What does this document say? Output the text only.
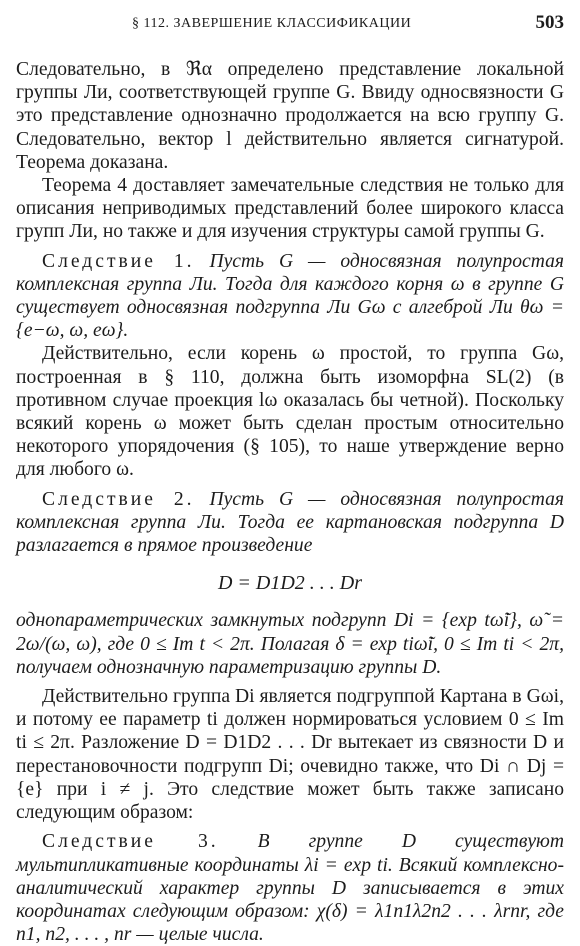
§ 112. ЗАВЕРШЕНИЕ КЛАССИФИКАЦИИ	503

Следовательно, в ℜα определено представление локальной группы Ли, соответствующей группе G. Ввиду односвязности G это представление однозначно продолжается на всю группу G. Следовательно, вектор l действительно является сигнатурой. Теорема доказана.

Теорема 4 доставляет замечательные следствия не только для описания неприводимых представлений более широкого класса групп Ли, но также и для изучения структуры самой группы G.

Следствие 1. Пусть G — односвязная полупростая комплексная группа Ли. Тогда для каждого корня ω в группе G существует односвязная подгруппа Ли Gω с алгеброй Ли θω = {e−ω, ω, eω}.

Действительно, если корень ω простой, то группа Gω, построенная в § 110, должна быть изоморфна SL(2) (в противном случае проекция lω оказалась бы четной). Поскольку всякий корень ω может быть сделан простым относительно некоторого упорядочения (§ 105), то наше утверждение верно для любого ω.

Следствие 2. Пусть G — односвязная полупростая комплексная группа Ли. Тогда ее картановская подгруппа D разлагается в прямое произведение

D = D1D2 . . . Dr

однопараметрических замкнутых подгрупп Di = {exp tω̃i}, ω̃ = 2ω/(ω, ω), где 0 ≤ Im t < 2π. Полагая δ = exp tiω̃i, 0 ≤ Im ti < 2π, получаем однозначную параметризацию группы D.

Действительно группа Di является подгруппой Картана в Gωi, и потому ее параметр ti должен нормироваться условием 0 ≤ Im ti ≤ 2π. Разложение D = D1D2 . . . Dr вытекает из связности D и перестановочности подгрупп Di; очевидно также, что Di ∩ Dj = {e} при i ≠ j. Это следствие может быть также записано следующим образом:

Следствие 3. В группе D существуют мультипликативные координаты λi = exp ti. Всякий комплексно-аналитический характер группы D записывается в этих координатах следующим образом: χ(δ) = λ1n1λ2n2 . . . λrnr, где n1, n2, . . . , nr — целые числа.
